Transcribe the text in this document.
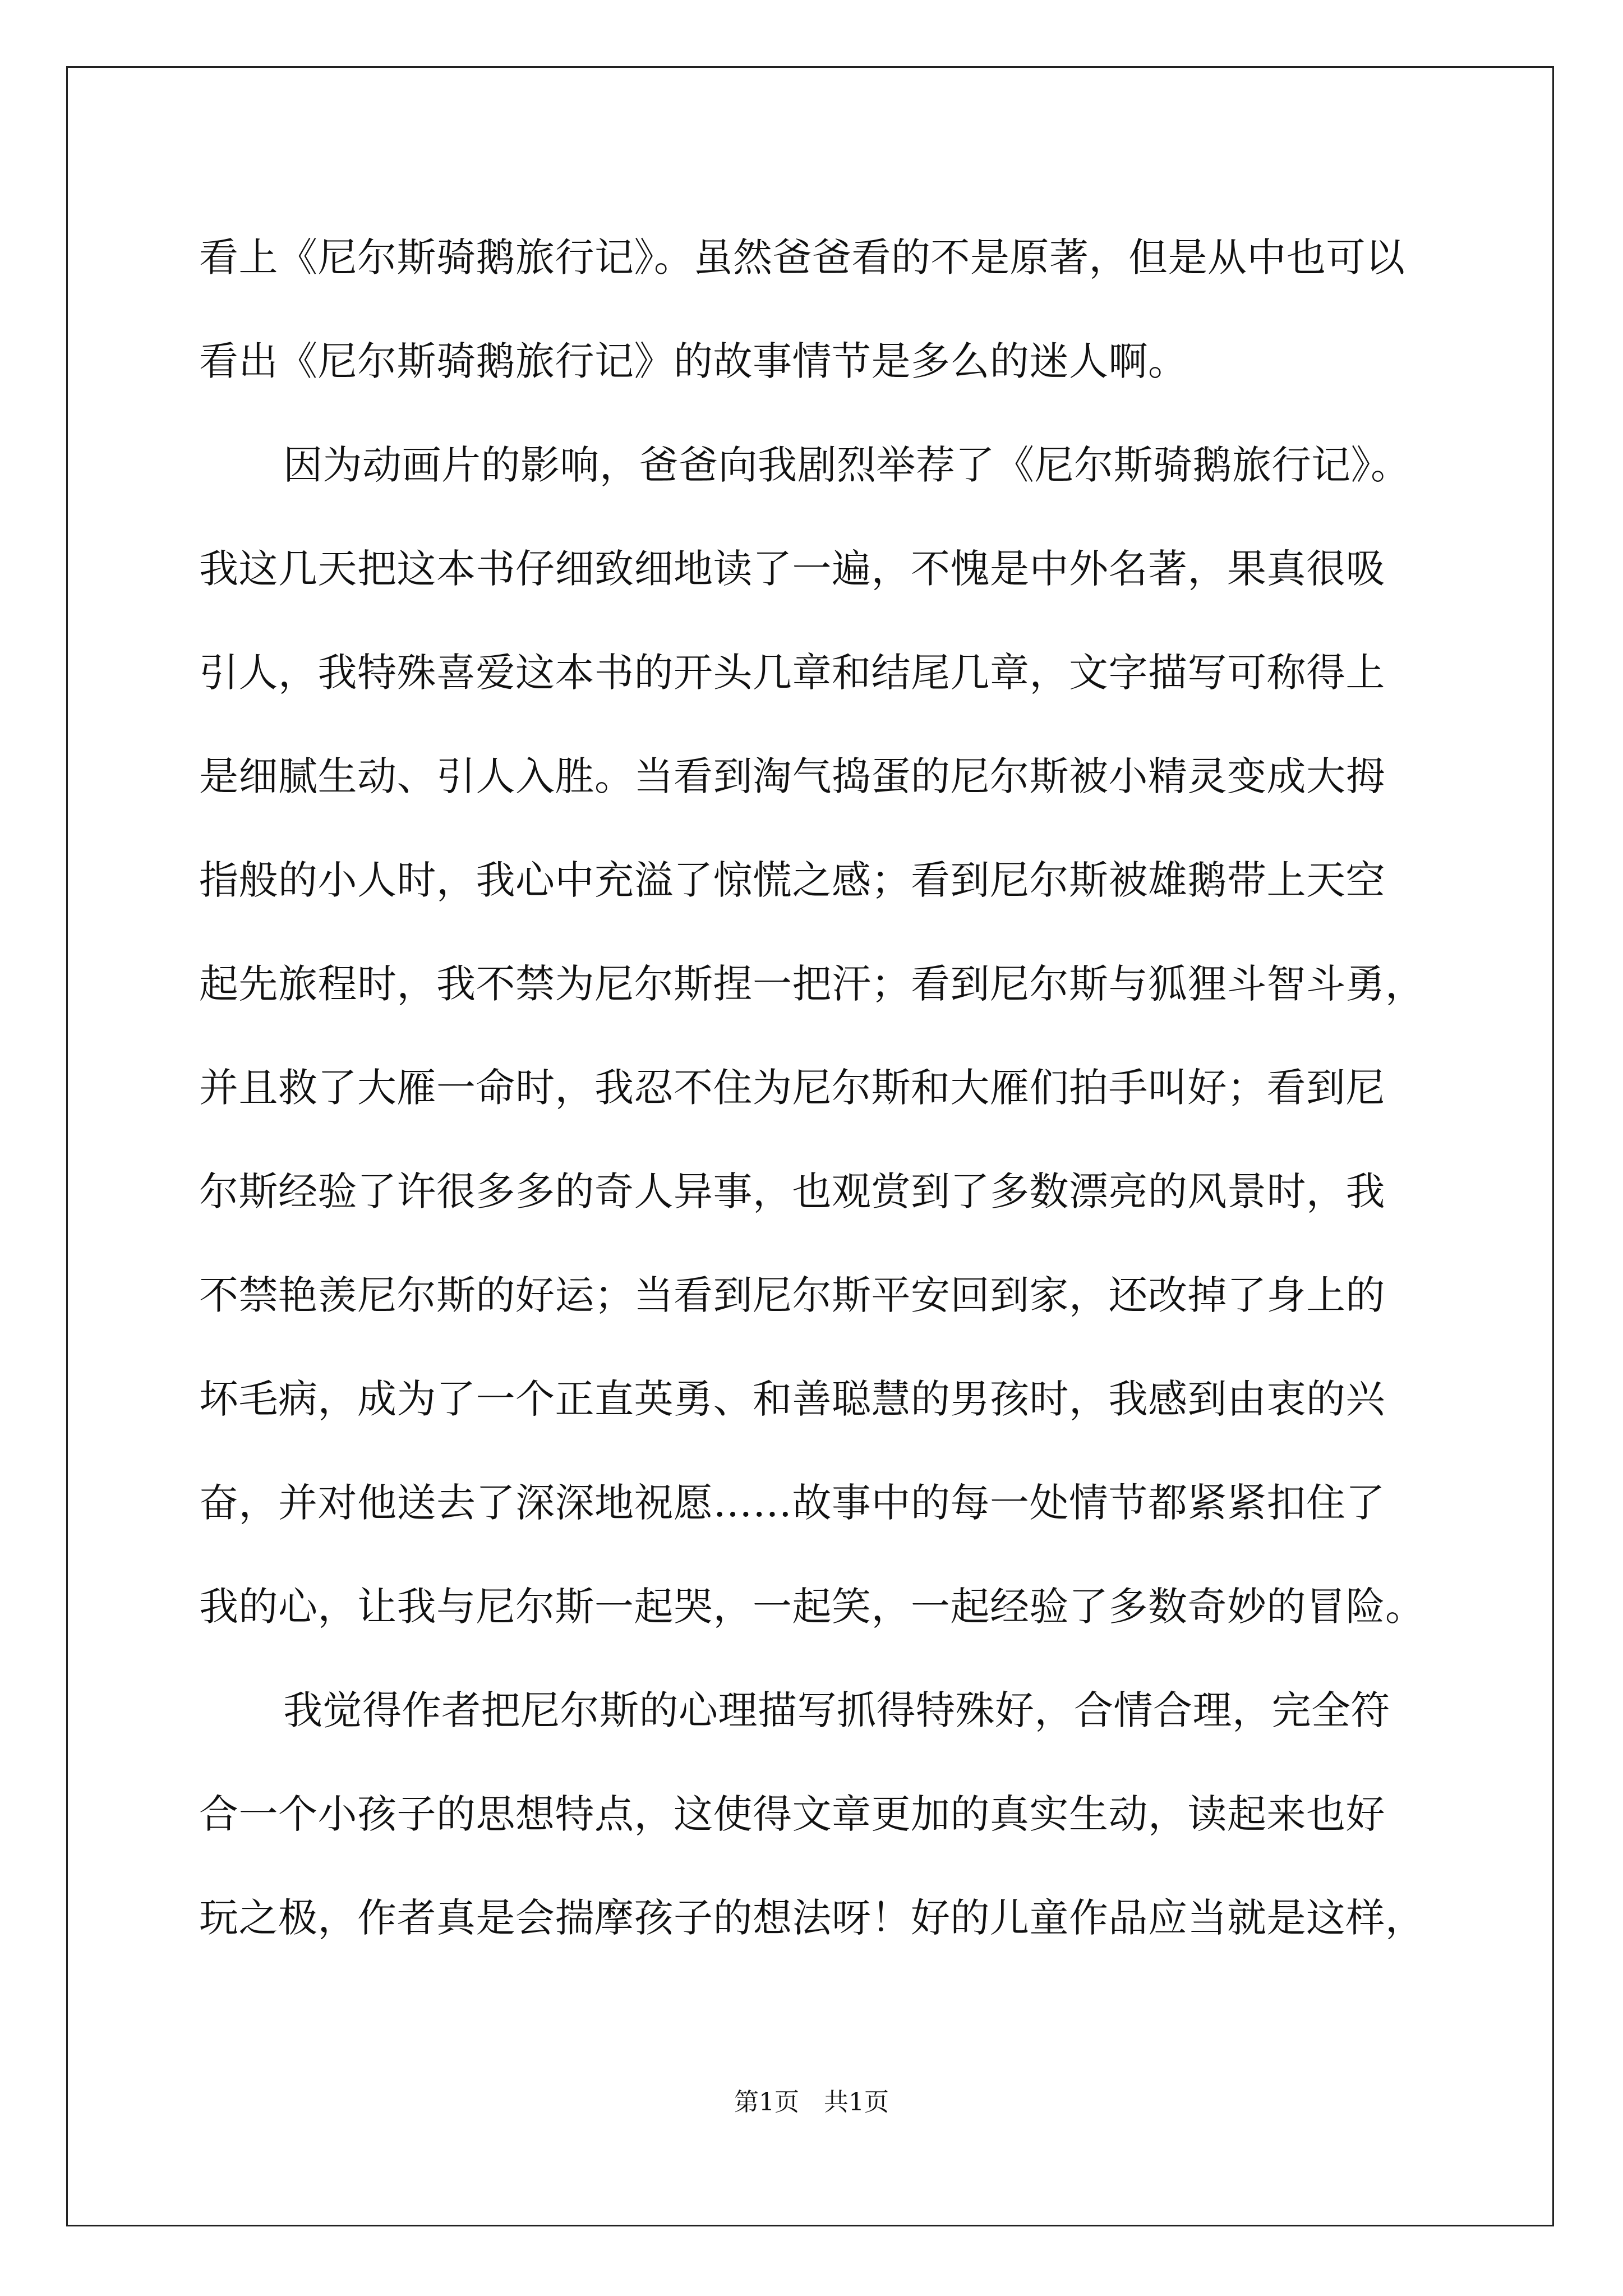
看上《尼尔斯骑鹅旅行记》。虽然爸爸看的不是原著，但是从中也可以
看出《尼尔斯骑鹅旅行记》的故事情节是多么的迷人啊。
因为动画片的影响，爸爸向我剧烈举荐了《尼尔斯骑鹅旅行记》。
我这几天把这本书仔细致细地读了一遍，不愧是中外名著，果真很吸
引人，我特殊喜爱这本书的开头几章和结尾几章，文字描写可称得上
是细腻生动、引人入胜。当看到淘气捣蛋的尼尔斯被小精灵变成大拇
指般的小人时，我心中充溢了惊慌之感；看到尼尔斯被雄鹅带上天空
起先旅程时，我不禁为尼尔斯捏一把汗；看到尼尔斯与狐狸斗智斗勇，
并且救了大雁一命时，我忍不住为尼尔斯和大雁们拍手叫好；看到尼
尔斯经验了许很多多的奇人异事，也观赏到了多数漂亮的风景时，我
不禁艳羡尼尔斯的好运；当看到尼尔斯平安回到家，还改掉了身上的
坏毛病，成为了一个正直英勇、和善聪慧的男孩时，我感到由衷的兴
奋，并对他送去了深深地祝愿……故事中的每一处情节都紧紧扣住了
我的心，让我与尼尔斯一起哭，一起笑，一起经验了多数奇妙的冒险。
我觉得作者把尼尔斯的心理描写抓得特殊好，合情合理，完全符
合一个小孩子的思想特点，这使得文章更加的真实生动，读起来也好
玩之极，作者真是会揣摩孩子的想法呀！好的儿童作品应当就是这样，
第1页　共1页
